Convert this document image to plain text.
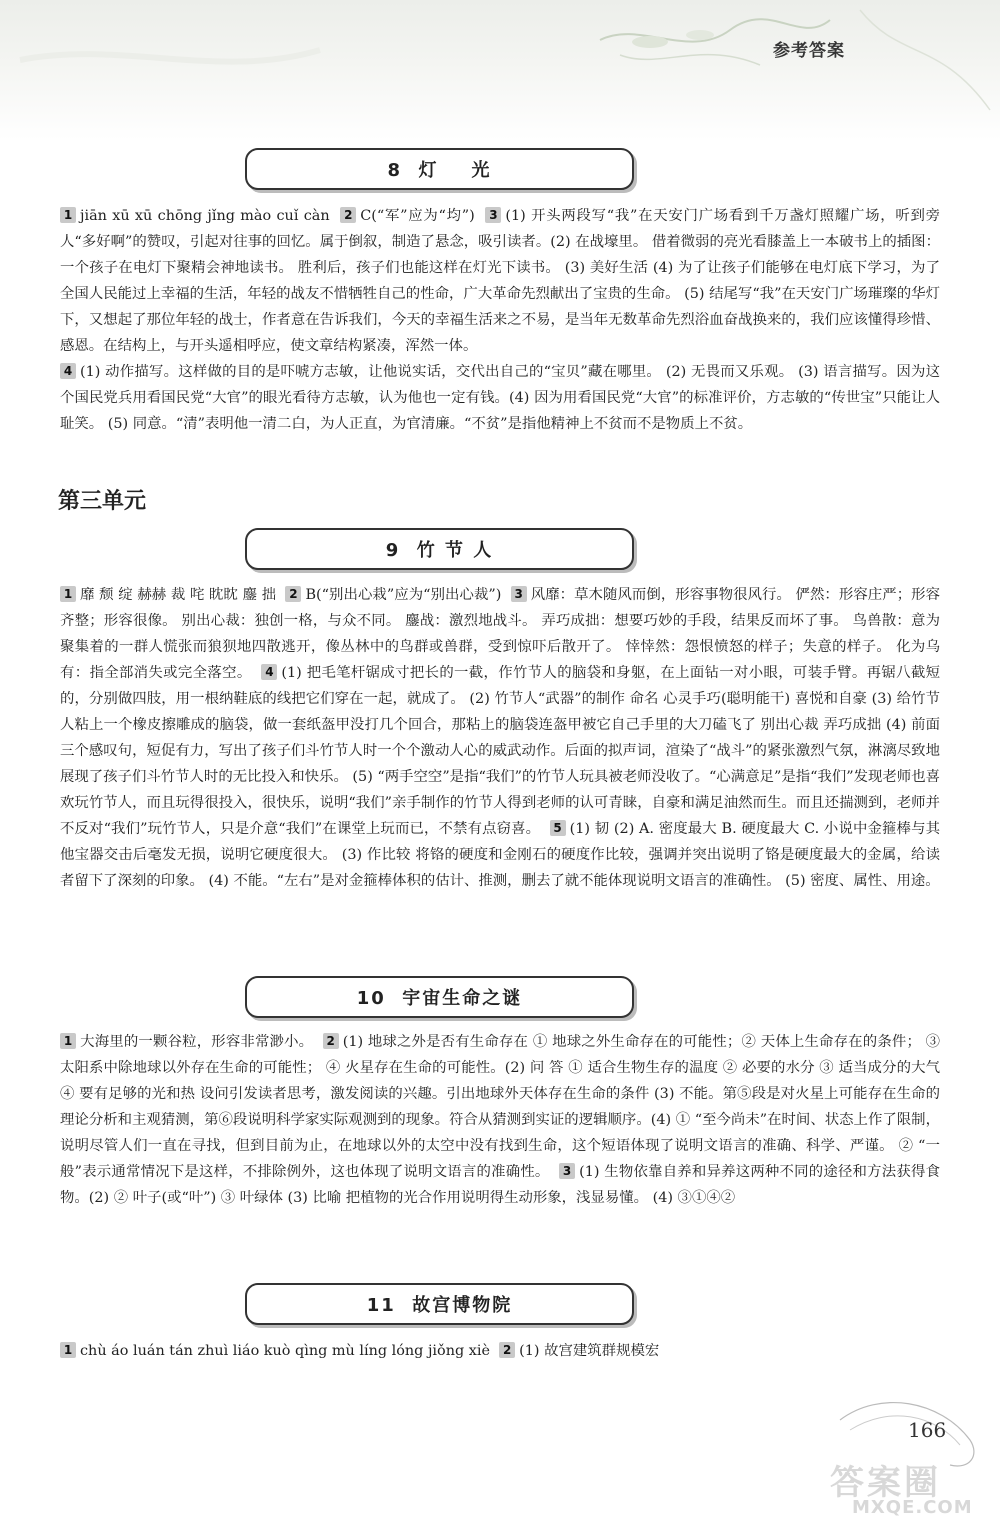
参考答案
8  灯    光

1 jiān xū xū chōng jǐng mào cuǐ càn 2 C(“军”应为“均”) 3 (1) 开头两段写“我”在天安门广场看到千万盏灯照耀广场，听到旁人“多好啊”的赞叹，引起对往事的回忆。属于倒叙，制造了悬念，吸引读者。(2) 在战壕里。 借着微弱的亮光看膝盖上一本破书上的插图：一个孩子在电灯下聚精会神地读书。 胜利后，孩子们也能这样在灯光下读书。 (3) 美好生活 (4) 为了让孩子们能够在电灯底下学习，为了全国人民能过上幸福的生活，年轻的战友不惜牺牲自己的性命，广大革命先烈献出了宝贵的生命。 (5) 结尾写“我”在天安门广场璀璨的华灯下，又想起了那位年轻的战士，作者意在告诉我们，今天的幸福生活来之不易，是当年无数革命先烈浴血奋战换来的，我们应该懂得珍惜、感恩。在结构上，与开头遥相呼应，使文章结构紧凑，浑然一体。

4 (1) 动作描写。这样做的目的是吓唬方志敏，让他说实话，交代出自己的“宝贝”藏在哪里。 (2) 无畏而又乐观。 (3) 语言描写。因为这个国民党兵用看国民党“大官”的眼光看待方志敏，认为他也一定有钱。(4) 因为用看国民党“大官”的标准评价，方志敏的“传世宝”只能让人耻笑。 (5) 同意。“清”表明他一清二白，为人正直，为官清廉。“不贫”是指他精神上不贫而不是物质上不贫。

第三单元
9  竹 节 人

1 靡 颓 绽 赫赫 裁 咤 眈眈 鏖 拙 2 B(“别出心栽”应为“别出心裁”) 3 风靡：草木随风而倒，形容事物很风行。 俨然：形容庄严；形容齐整；形容很像。 别出心裁：独创一格，与众不同。 鏖战：激烈地战斗。 弄巧成拙：想要巧妙的手段，结果反而坏了事。 鸟兽散：意为聚集着的一群人慌张而狼狈地四散逃开，像丛林中的鸟群或兽群，受到惊吓后散开了。 悻悻然：怨恨愤怒的样子；失意的样子。 化为乌有：指全部消失或完全落空。 4 (1) 把毛笔杆锯成寸把长的一截，作竹节人的脑袋和身躯，在上面钻一对小眼，可装手臂。再锯八截短的，分别做四肢，用一根纳鞋底的线把它们穿在一起，就成了。 (2) 竹节人“武器”的制作 命名 心灵手巧(聪明能干) 喜悦和自豪 (3) 给竹节人粘上一个橡皮擦雕成的脑袋，做一套纸盔甲没打几个回合，那粘上的脑袋连盔甲被它自己手里的大刀磕飞了 别出心裁 弄巧成拙 (4) 前面三个感叹句，短促有力，写出了孩子们斗竹节人时一个个激动人心的威武动作。后面的拟声词，渲染了“战斗”的紧张激烈气氛，淋漓尽致地展现了孩子们斗竹节人时的无比投入和快乐。 (5) “两手空空”是指“我们”的竹节人玩具被老师没收了。“心满意足”是指“我们”发现老师也喜欢玩竹节人，而且玩得很投入，很快乐，说明“我们”亲手制作的竹节人得到老师的认可青睐，自豪和满足油然而生。而且还揣测到，老师并不反对“我们”玩竹节人，只是介意“我们”在课堂上玩而已，不禁有点窃喜。 5 (1) 韧 (2) A. 密度最大 B. 硬度最大 C. 小说中金箍棒与其他宝器交击后毫发无损，说明它硬度很大。 (3) 作比较 将铬的硬度和金刚石的硬度作比较，强调并突出说明了铬是硬度最大的金属，给读者留下了深刻的印象。 (4) 不能。“左右”是对金箍棒体积的估计、推测，删去了就不能体现说明文语言的准确性。 (5) 密度、属性、用途。

10  宇宙生命之谜

1 大海里的一颗谷粒，形容非常渺小。 2 (1) 地球之外是否有生命存在 ① 地球之外生命存在的可能性；② 天体上生命存在的条件； ③ 太阳系中除地球以外存在生命的可能性； ④ 火星存在生命的可能性。(2) 问 答 ① 适合生物生存的温度 ② 必要的水分 ③ 适当成分的大气 ④ 要有足够的光和热 设问引发读者思考，激发阅读的兴趣。引出地球外天体存在生命的条件 (3) 不能。第⑤段是对火星上可能存在生命的理论分析和主观猜测，第⑥段说明科学家实际观测到的现象。符合从猜测到实证的逻辑顺序。(4) ① “至今尚未”在时间、状态上作了限制，说明尽管人们一直在寻找，但到目前为止，在地球以外的太空中没有找到生命，这个短语体现了说明文语言的准确、科学、严谨。 ② “一般”表示通常情况下是这样，不排除例外，这也体现了说明文语言的准确性。 3 (1) 生物依靠自养和异养这两种不同的途径和方法获得食物。(2) ② 叶子(或“叶”) ③ 叶绿体 (3) 比喻 把植物的光合作用说明得生动形象，浅显易懂。 (4) ③①④②

11  故宫博物院

1 chù áo luán tán zhuì liáo kuò qìng mù líng lóng jiǒng xiè 2 (1) 故宫建筑群规模宏

166
答案圈
MXQE.COM
